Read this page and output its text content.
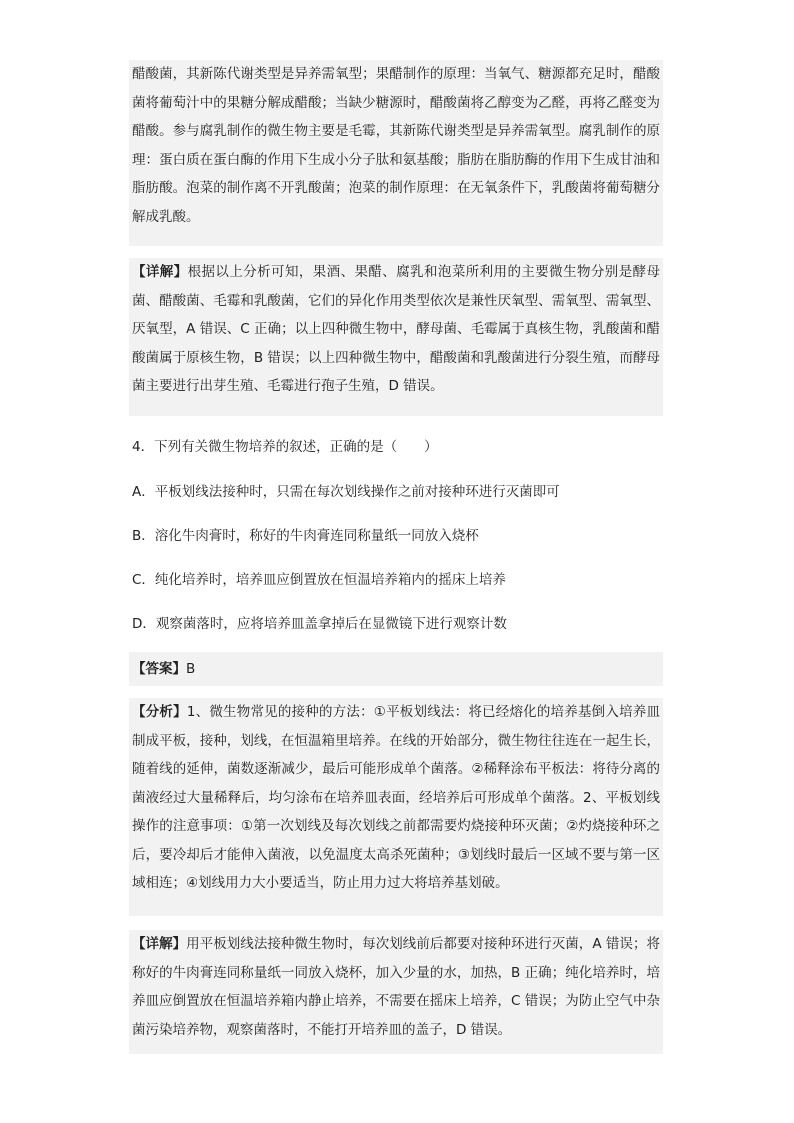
醋酸菌，其新陈代谢类型是异养需氧型；果醋制作的原理：当氧气、糖源都充足时，醋酸菌将葡萄汁中的果糖分解成醋酸；当缺少糖源时，醋酸菌将乙醇变为乙醛，再将乙醛变为醋酸。参与腐乳制作的微生物主要是毛霉，其新陈代谢类型是异养需氧型。腐乳制作的原理：蛋白质在蛋白酶的作用下生成小分子肽和氨基酸；脂肪在脂肪酶的作用下生成甘油和脂肪酸。泡菜的制作离不开乳酸菌；泡菜的制作原理：在无氧条件下，乳酸菌将葡萄糖分解成乳酸。
【详解】根据以上分析可知，果酒、果醋、腐乳和泡菜所利用的主要微生物分别是酵母菌、醋酸菌、毛霉和乳酸菌，它们的异化作用类型依次是兼性厌氧型、需氧型、需氧型、厌氧型，A 错误、C 正确；以上四种微生物中，酵母菌、毛霉属于真核生物，乳酸菌和醋酸菌属于原核生物，B 错误；以上四种微生物中，醋酸菌和乳酸菌进行分裂生殖，而酵母菌主要进行出芽生殖、毛霉进行孢子生殖，D 错误。
4．下列有关微生物培养的叙述，正确的是（　　）
A．平板划线法接种时，只需在每次划线操作之前对接种环进行灭菌即可
B．溶化牛肉膏时，称好的牛肉膏连同称量纸一同放入烧杯
C．纯化培养时，培养皿应倒置放在恒温培养箱内的摇床上培养
D．观察菌落时，应将培养皿盖拿掉后在显微镜下进行观察计数
【答案】B
【分析】1、微生物常见的接种的方法：①平板划线法：将已经熔化的培养基倒入培养皿制成平板，接种，划线，在恒温箱里培养。在线的开始部分，微生物往往连在一起生长，随着线的延伸，菌数逐渐减少，最后可能形成单个菌落。②稀释涂布平板法：将待分离的菌液经过大量稀释后，均匀涂布在培养皿表面，经培养后可形成单个菌落。2、平板划线操作的注意事项：①第一次划线及每次划线之前都需要灼烧接种环灭菌；②灼烧接种环之后，要冷却后才能伸入菌液，以免温度太高杀死菌种；③划线时最后一区域不要与第一区域相连；④划线用力大小要适当，防止用力过大将培养基划破。
【详解】用平板划线法接种微生物时，每次划线前后都要对接种环进行灭菌，A 错误；将称好的牛肉膏连同称量纸一同放入烧杯，加入少量的水，加热，B 正确；纯化培养时，培养皿应倒置放在恒温培养箱内静止培养，不需要在摇床上培养，C 错误；为防止空气中杂菌污染培养物，观察菌落时，不能打开培养皿的盖子，D 错误。
